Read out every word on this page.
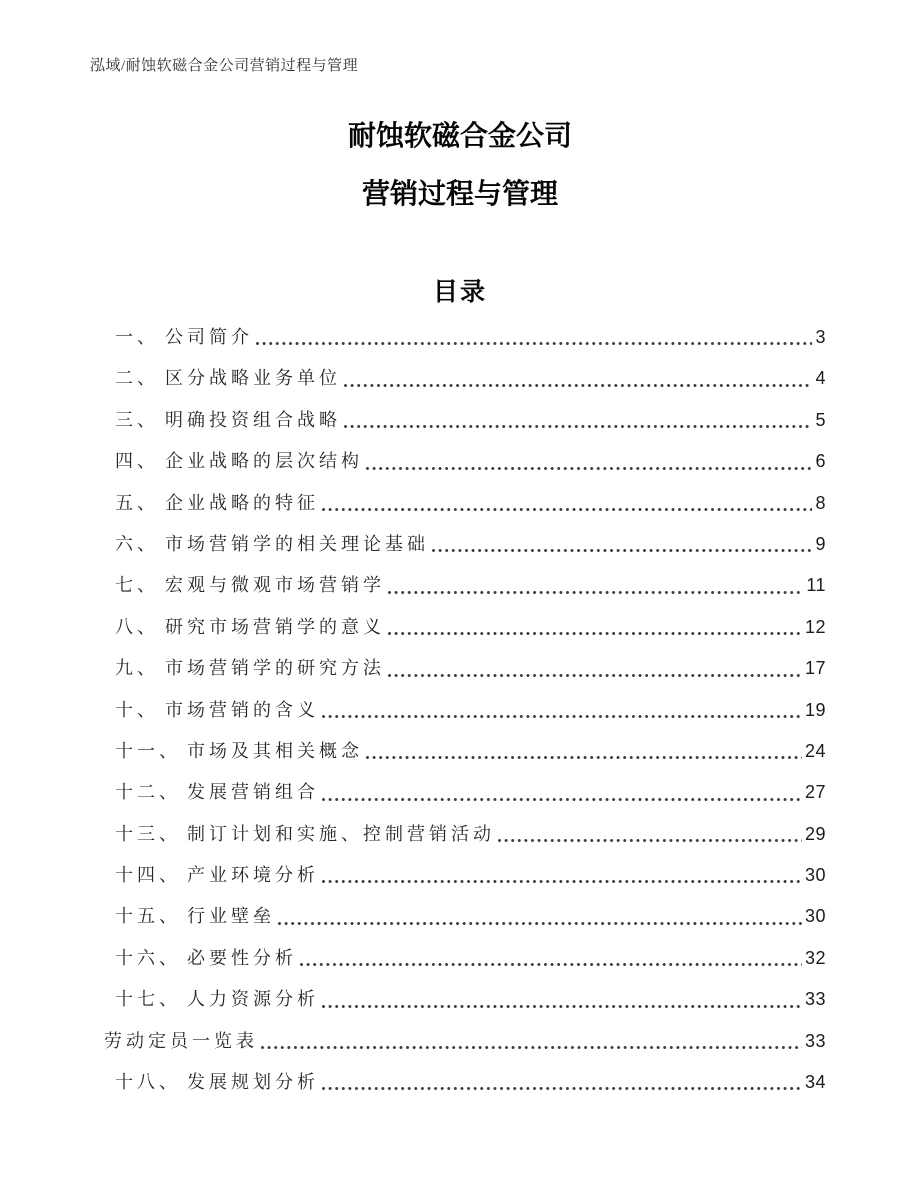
泓域/耐蚀软磁合金公司营销过程与管理
耐蚀软磁合金公司
营销过程与管理
目录
一、 公司简介	3
二、 区分战略业务单位	4
三、 明确投资组合战略	5
四、 企业战略的层次结构	6
五、 企业战略的特征	8
六、 市场营销学的相关理论基础	9
七、 宏观与微观市场营销学	11
八、 研究市场营销学的意义	12
九、 市场营销学的研究方法	17
十、 市场营销的含义	19
十一、 市场及其相关概念	24
十二、 发展营销组合	27
十三、 制订计划和实施、控制营销活动	29
十四、 产业环境分析	30
十五、 行业壁垒	30
十六、 必要性分析	32
十七、 人力资源分析	33
劳动定员一览表	33
十八、 发展规划分析	34
